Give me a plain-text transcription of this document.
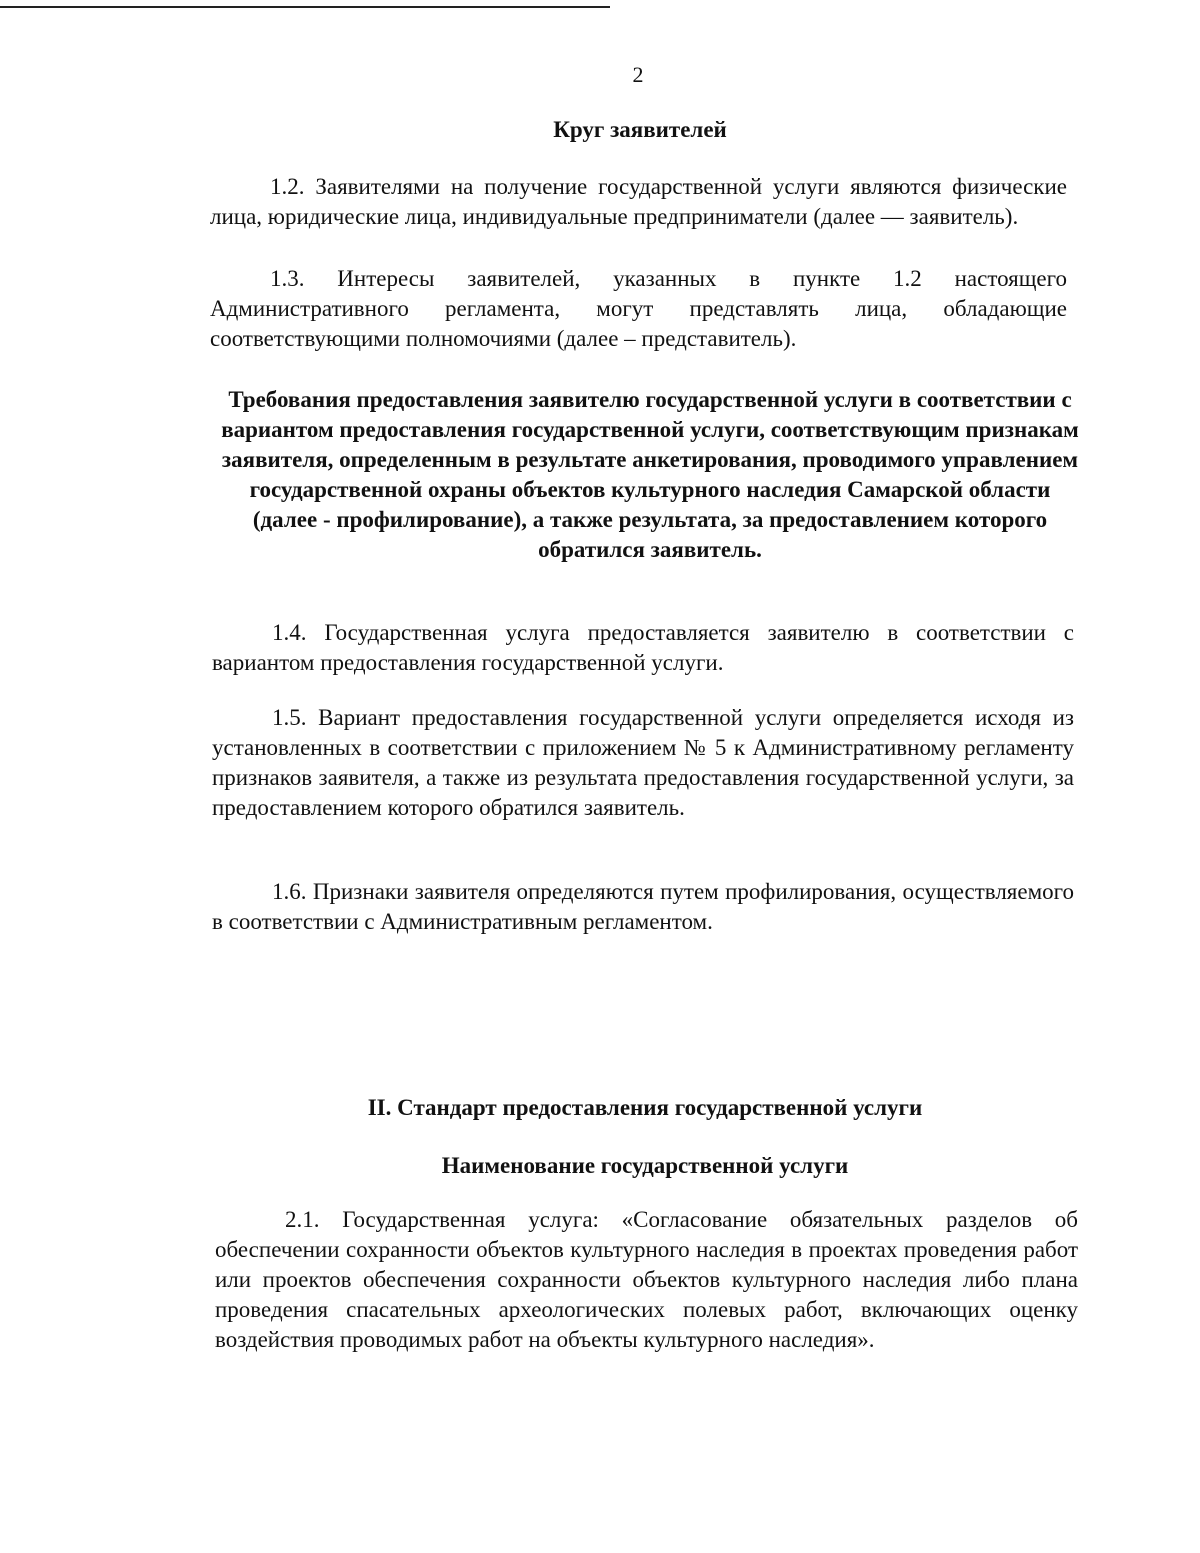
2
Круг заявителей
1.2. Заявителями на получение государственной услуги являются физические лица, юридические лица, индивидуальные предприниматели (далее — заявитель).
1.3. Интересы заявителей, указанных в пункте 1.2 настоящего Административного регламента, могут представлять лица, обладающие соответствующими полномочиями (далее – представитель).
Требования предоставления заявителю государственной услуги в соответствии с вариантом предоставления государственной услуги, соответствующим признакам заявителя, определенным в результате анкетирования, проводимого управлением государственной охраны объектов культурного наследия Самарской области (далее - профилирование), а также результата, за предоставлением которого обратился заявитель.
1.4. Государственная услуга предоставляется заявителю в соответствии с вариантом предоставления государственной услуги.
1.5. Вариант предоставления государственной услуги определяется исходя из установленных в соответствии с приложением № 5 к Административному регламенту признаков заявителя, а также из результата предоставления государственной услуги, за предоставлением которого обратился заявитель.
1.6. Признаки заявителя определяются путем профилирования, осуществляемого в соответствии с Административным регламентом.
II. Стандарт предоставления государственной услуги
Наименование государственной услуги
2.1. Государственная услуга: «Согласование обязательных разделов об обеспечении сохранности объектов культурного наследия в проектах проведения работ или проектов обеспечения сохранности объектов культурного наследия либо плана проведения спасательных археологических полевых работ, включающих оценку воздействия проводимых работ на объекты культурного наследия».
